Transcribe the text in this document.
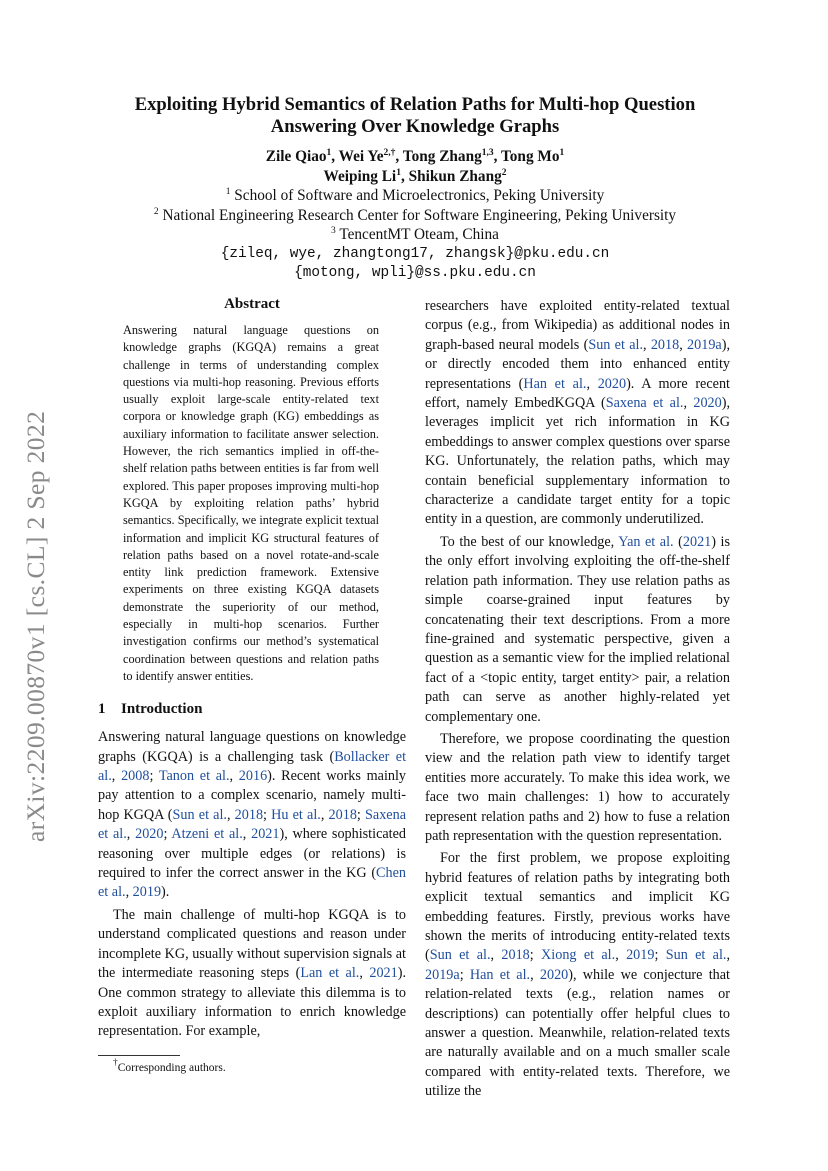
arXiv:2209.00870v1 [cs.CL] 2 Sep 2022
Exploiting Hybrid Semantics of Relation Paths for Multi-hop Question
Answering Over Knowledge Graphs
Zile Qiao$^1$, Wei $Ye^{2,\dagger}$, Tong Zhang$^{1,3}$, Tong Mo$^1$
Weiping Li$^1$, Shikun Zhang$^2$
$^1$ School of Software and Microelectronics, Peking University
$^2$ National Engineering Research Center for Software Engineering, Peking University
$^3$ TencentMT Oteam, China
{zileq, wye, zhangtong17, zhangsk}@pku.edu.cn
{motong, wpli}@ss.pku.edu.cn
Abstract

Answering natural language questions on knowledge graphs (KGQA) remains a great challenge in terms of understanding complex questions via multi-hop reasoning. Previous efforts usually exploit large-scale entity-related text corpora or knowledge graph (KG) embeddings as auxiliary information to facilitate answer selection. However, the rich semantics implied in off-the-shelf relation paths between entities is far from well explored. This paper proposes improving multi-hop KGQA by exploiting relation paths’ hybrid semantics. Specifically, we integrate explicit textual information and implicit KG structural features of relation paths based on a novel rotate-and-scale entity link prediction framework. Extensive experiments on three existing KGQA datasets demonstrate the superiority of our method, especially in multi-hop scenarios. Further investigation confirms our method’s systematical coordination between questions and relation paths to identify answer entities.

1 Introduction

Answering natural language questions on knowledge graphs (KGQA) is a challenging task (Bollacker et al., 2008; Tanon et al., 2016). Recent works mainly pay attention to a complex scenario, namely multi-hop KGQA (Sun et al., 2018; Hu et al., 2018; Saxena et al., 2020; Atzeni et al., 2021), where sophisticated reasoning over multiple edges (or relations) is required to infer the correct answer in the KG (Chen et al., 2019).

The main challenge of multi-hop KGQA is to understand complicated questions and reason under incomplete KG, usually without supervision signals at the intermediate reasoning steps (Lan et al., 2021). One common strategy to alleviate this dilemma is to exploit auxiliary information to enrich knowledge representation. For example,

researchers have exploited entity-related textual corpus (e.g., from Wikipedia) as additional nodes in graph-based neural models (Sun et al., 2018, 2019a), or directly encoded them into enhanced entity representations (Han et al., 2020). A more recent effort, namely EmbedKGQA (Saxena et al., 2020), leverages implicit yet rich information in KG embeddings to answer complex questions over sparse KG. Unfortunately, the relation paths, which may contain beneficial supplementary information to characterize a candidate target entity for a topic entity in a question, are commonly underutilized.

To the best of our knowledge, Yan et al. (2021) is the only effort involving exploiting the off-the-shelf relation path information. They use relation paths as simple coarse-grained input features by concatenating their text descriptions. From a more fine-grained and systematic perspective, given a question as a semantic view for the implied relational fact of a <topic entity, target entity> pair, a relation path can serve as another highly-related yet complementary one.

Therefore, we propose coordinating the question view and the relation path view to identify target entities more accurately. To make this idea work, we face two main challenges: 1) how to accurately represent relation paths and 2) how to fuse a relation path representation with the question representation.

For the first problem, we propose exploiting hybrid features of relation paths by integrating both explicit textual semantics and implicit KG embedding features. Firstly, previous works have shown the merits of introducing entity-related texts (Sun et al., 2018; Xiong et al., 2019; Sun et al., 2019a; Han et al., 2020), while we conjecture that relation-related texts (e.g., relation names or descriptions) can potentially offer helpful clues to answer a question. Meanwhile, relation-related texts are naturally available and on a much smaller scale compared with entity-related texts. Therefore, we utilize the

†Corresponding authors.
